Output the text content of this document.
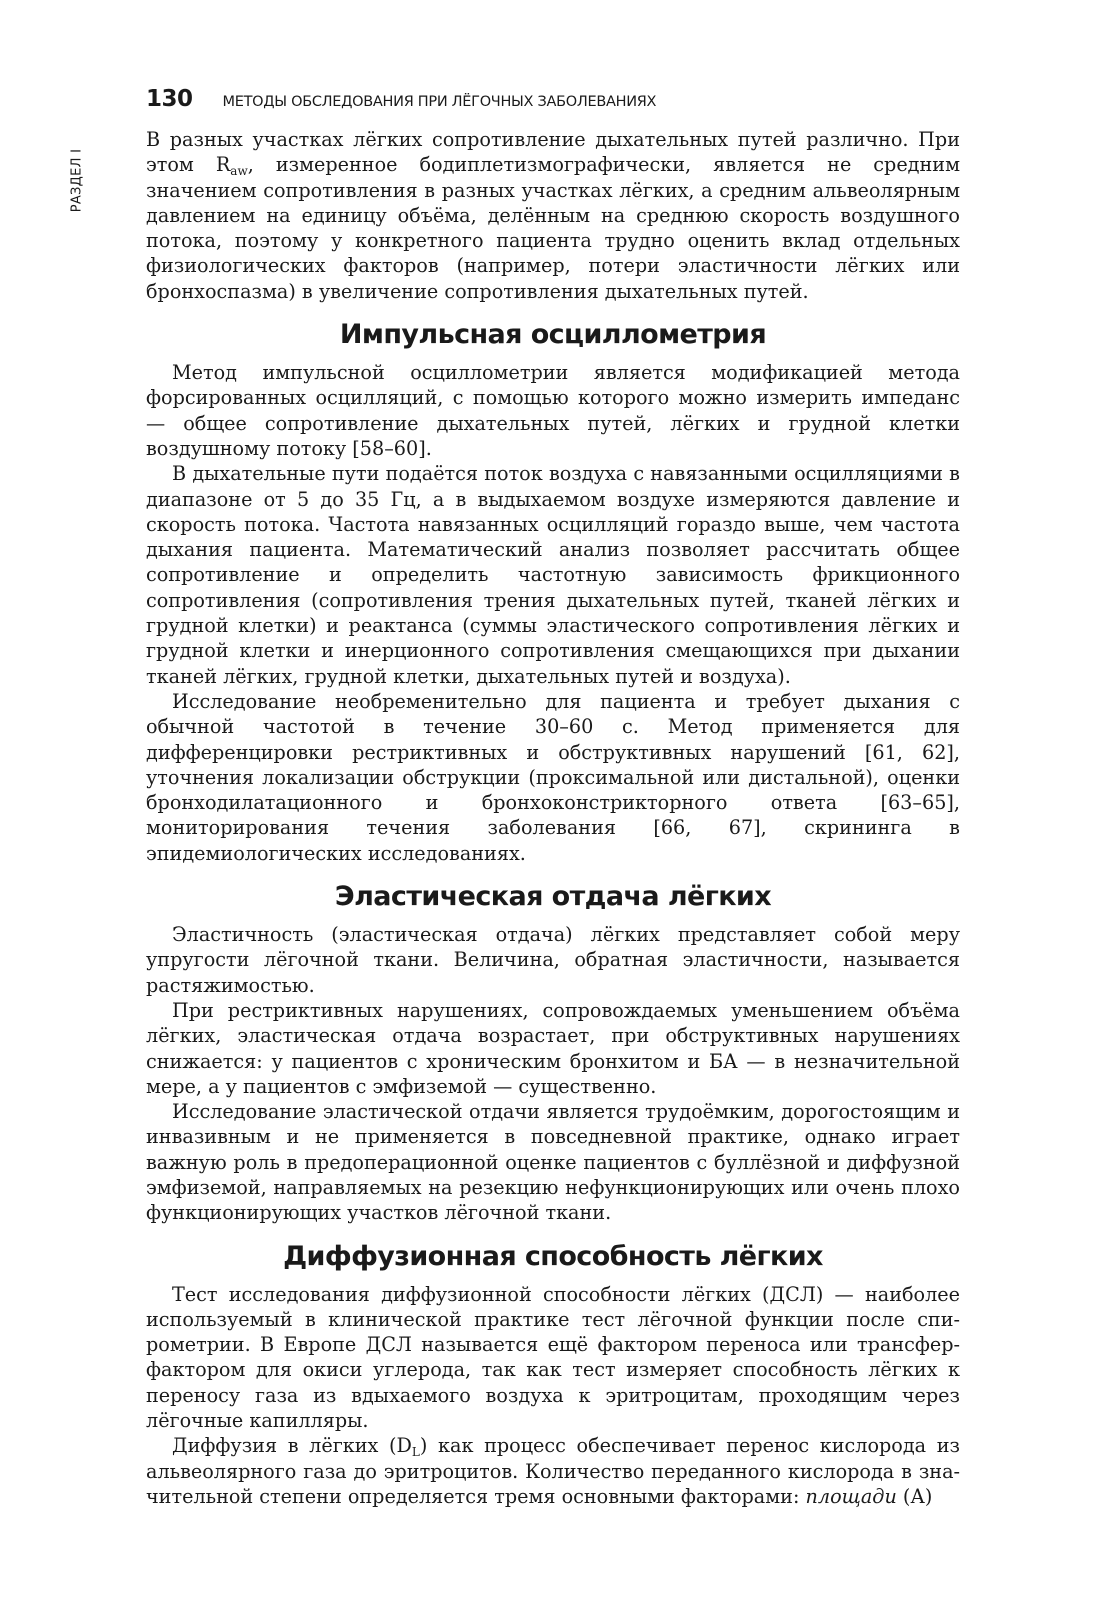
130 МЕТОДЫ ОБСЛЕДОВАНИЯ ПРИ ЛЁГОЧНЫХ ЗАБОЛЕВАНИЯХ
РАЗДЕЛ I

В разных участках лёгких сопротивление дыхательных путей различно. При этом $R_{aw}$, измеренное бодиплетизмографически, является не средним значением сопротивления в разных участках лёгких, а средним альвеолярным давлением на единицу объёма, делённым на среднюю скорость воздушного потока, поэтому у конкретного пациента трудно оценить вклад отдельных физиологических факторов (например, потери эластичности лёгких или бронхоспазма) в увеличение сопротивления дыхательных путей.

Импульсная осциллометрия

Метод импульсной осциллометрии является модификацией метода форсированных осцилляций, с помощью которого можно измерить импеданс — общее сопротивление дыхательных путей, лёгких и грудной клетки воздушному потоку [58–60].

В дыхательные пути подаётся поток воздуха с навязанными осцилляциями в диапазоне от 5 до 35 Гц, а в выдыхаемом воздухе измеряются давление и скорость потока. Частота навязанных осцилляций гораздо выше, чем частота дыхания пациента. Математический анализ позволяет рассчитать общее сопротивление и определить частотную зависимость фрикционного сопротивления (сопротивления трения дыхательных путей, тканей лёгких и грудной клетки) и реактанса (суммы эластического сопротивления лёгких и грудной клетки и инерционного сопротивления смещающихся при дыхании тканей лёгких, грудной клетки, дыхательных путей и воздуха).

Исследование необременительно для пациента и требует дыхания с обычной частотой в течение 30–60 с. Метод применяется для дифференцировки рестриктивных и обструктивных нарушений [61, 62], уточнения локализации обструкции (проксимальной или дистальной), оценки бронходилатационного и бронхоконстрикторного ответа [63–65], мониторирования течения заболевания [66, 67], скрининга в эпидемиологических исследованиях.

Эластическая отдача лёгких

Эластичность (эластическая отдача) лёгких представляет собой меру упругости лёгочной ткани. Величина, обратная эластичности, называется растяжимостью.

При рестриктивных нарушениях, сопровождаемых уменьшением объёма лёгких, эластическая отдача возрастает, при обструктивных нарушениях снижается: у пациентов с хроническим бронхитом и БА — в незначительной мере, а у пациентов с эмфиземой — существенно.

Исследование эластической отдачи является трудоёмким, дорогостоящим и инвазивным и не применяется в повседневной практике, однако играет важную роль в предоперационной оценке пациентов с буллёзной и диффузной эмфиземой, направляемых на резекцию нефункционирующих или очень плохо функционирующих участков лёгочной ткани.

Диффузионная способность лёгких

Тест исследования диффузионной способности лёгких (ДСЛ) — наиболее используемый в клинической практике тест лёгочной функции после спирометрии. В Европе ДСЛ называется ещё фактором переноса или трансферфактором для окиси углерода, так как тест измеряет способность лёгких к переносу газа из вдыхаемого воздуха к эритроцитам, проходящим через лёгочные капилляры.

Диффузия в лёгких $(D_L)$ как процесс обеспечивает перенос кислорода из альвеолярного газа до эритроцитов. Количество переданного кислорода в значительной степени определяется тремя основными факторами: площади (А)
